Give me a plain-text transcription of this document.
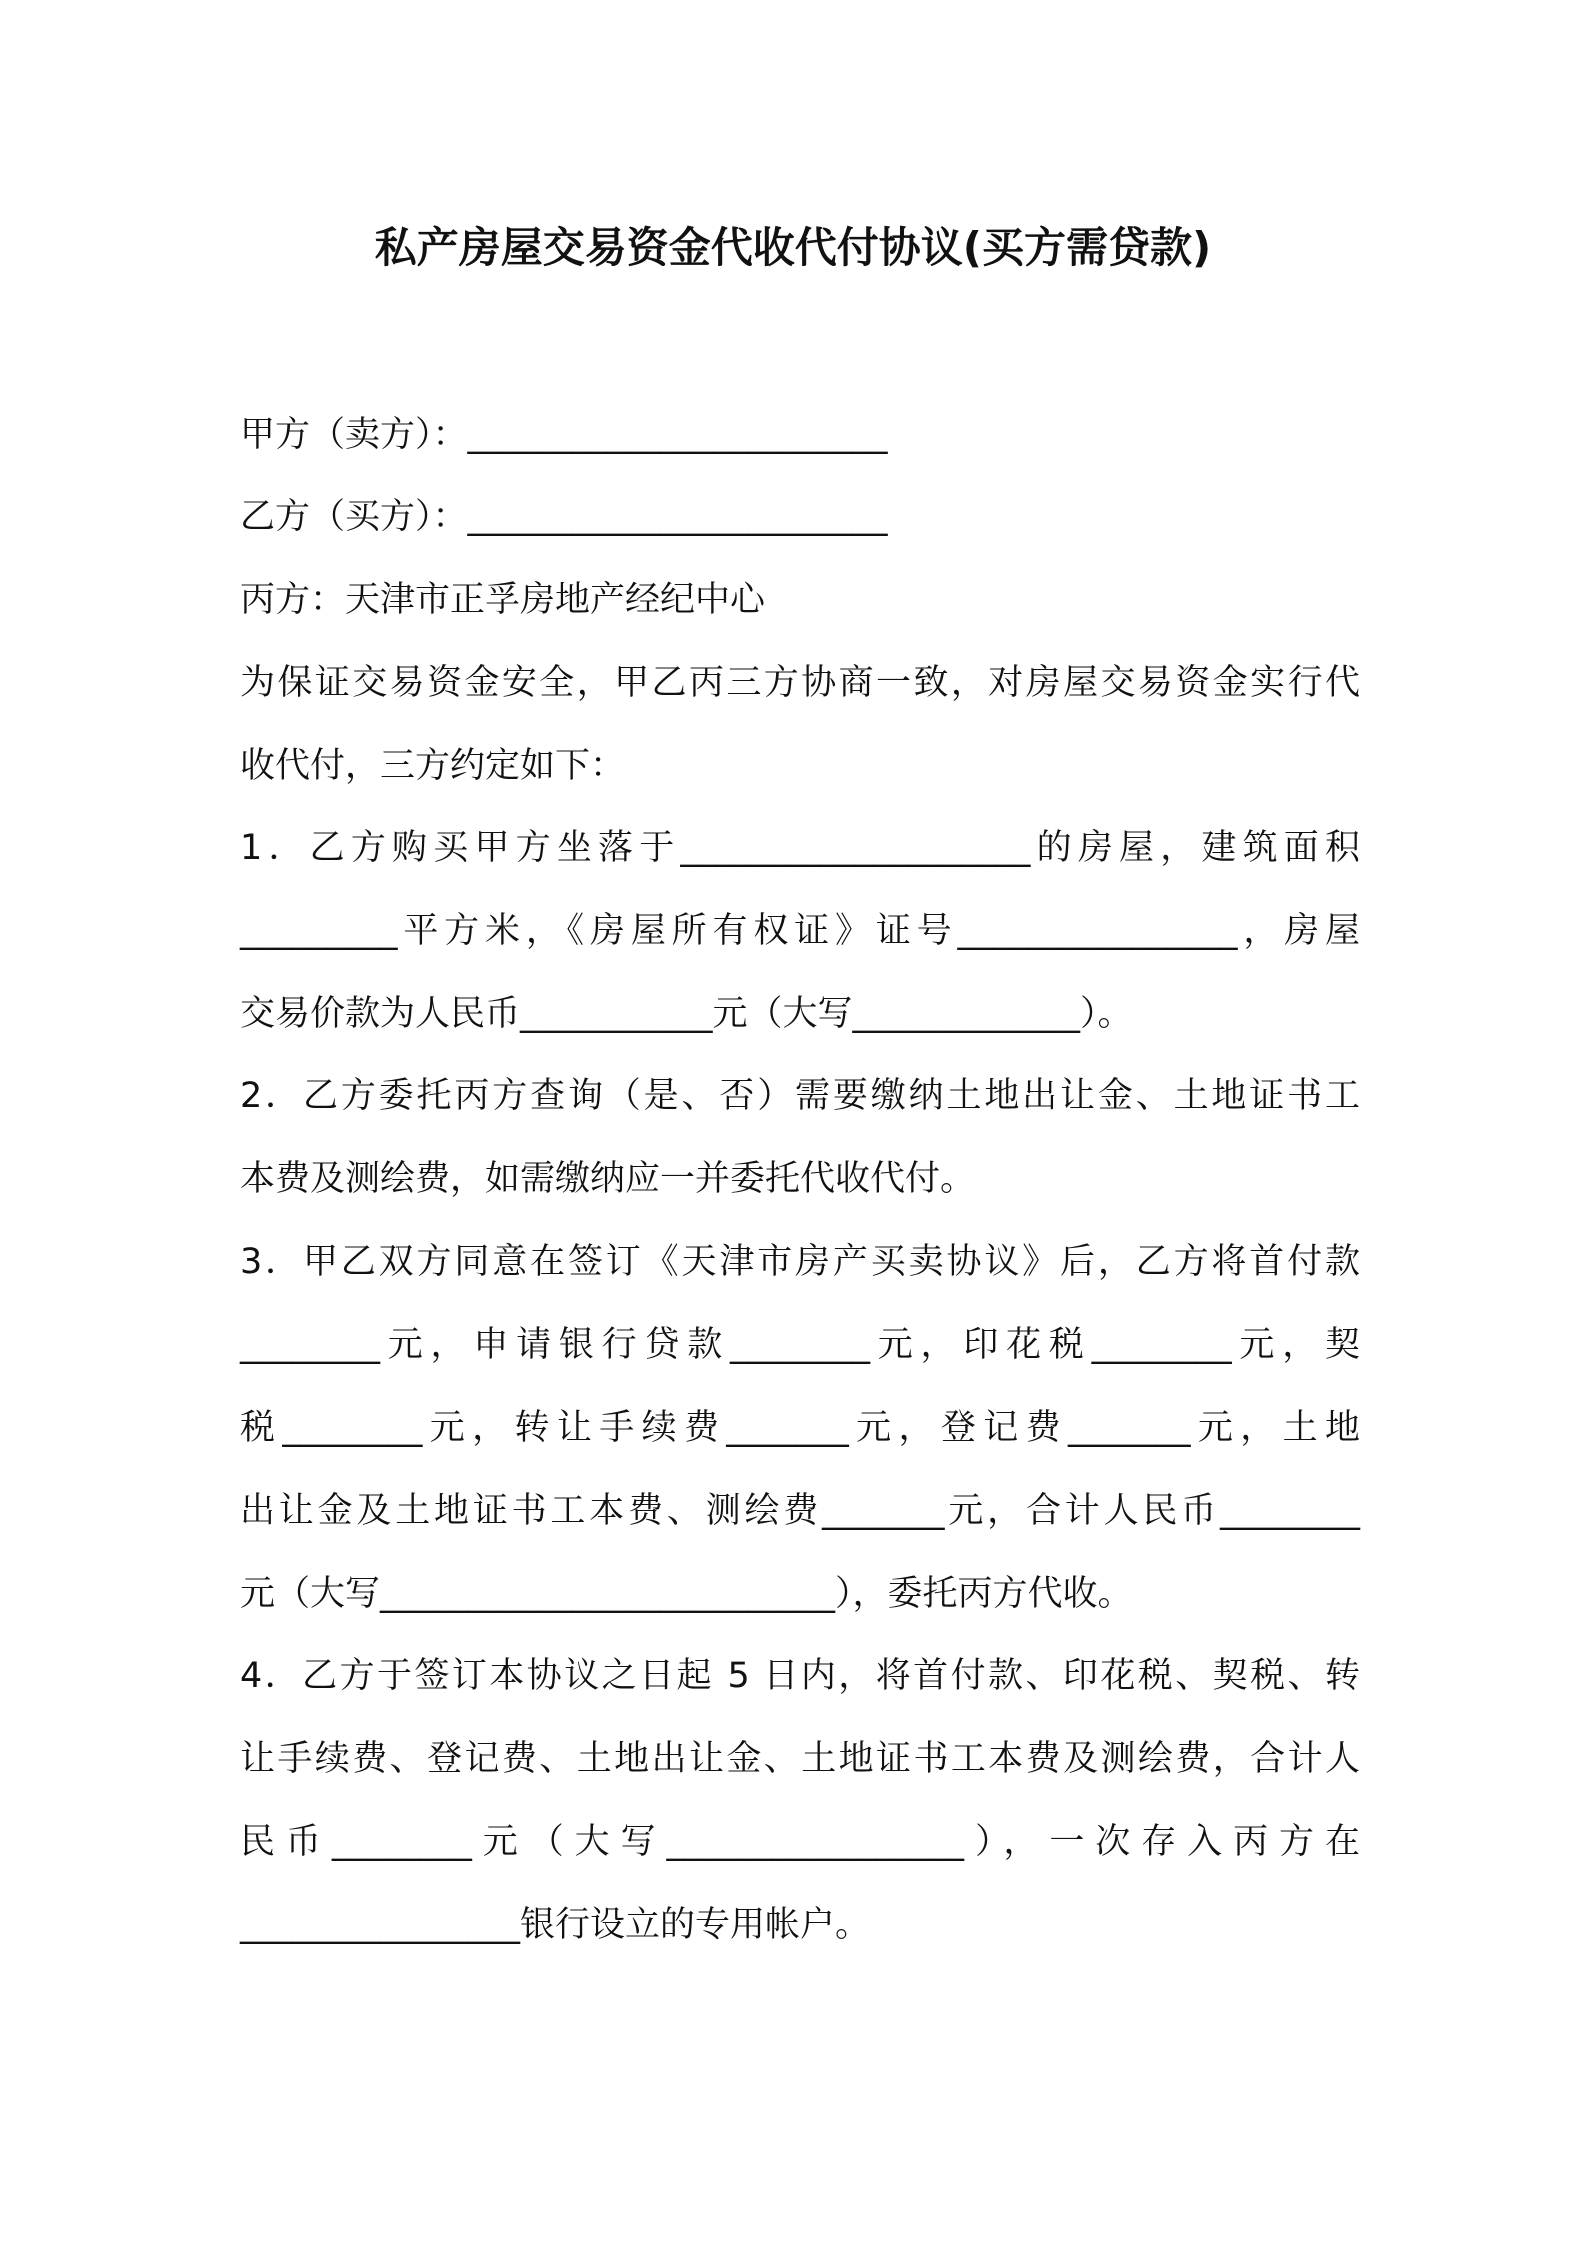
私产房屋交易资金代收代付协议(买方需贷款)

甲方（卖方）：________________________

乙方（买方）：________________________

丙方：天津市正孚房地产经纪中心

为保证交易资金安全，甲乙丙三方协商一致，对房屋交易资金实行代

收代付，三方约定如下：

1．乙方购买甲方坐落于____________________的房屋，建筑面积

_________平方米，《房屋所有权证》证号________________，房屋

交易价款为人民币___________元（大写_____________）。

2．乙方委托丙方查询（是、否）需要缴纳土地出让金、土地证书工

本费及测绘费，如需缴纳应一并委托代收代付。

3．甲乙双方同意在签订《天津市房产买卖协议》后，乙方将首付款

________元，申请银行贷款________元，印花税________元，契

税________元，转让手续费_______元，登记费_______元，土地

出让金及土地证书工本费、测绘费_______元，合计人民币________

元（大写__________________________），委托丙方代收。

4．乙方于签订本协议之日起 5 日内，将首付款、印花税、契税、转

让手续费、登记费、土地出让金、土地证书工本费及测绘费，合计人

民币________元（大写_________________），一次存入丙方在

________________银行设立的专用帐户。
